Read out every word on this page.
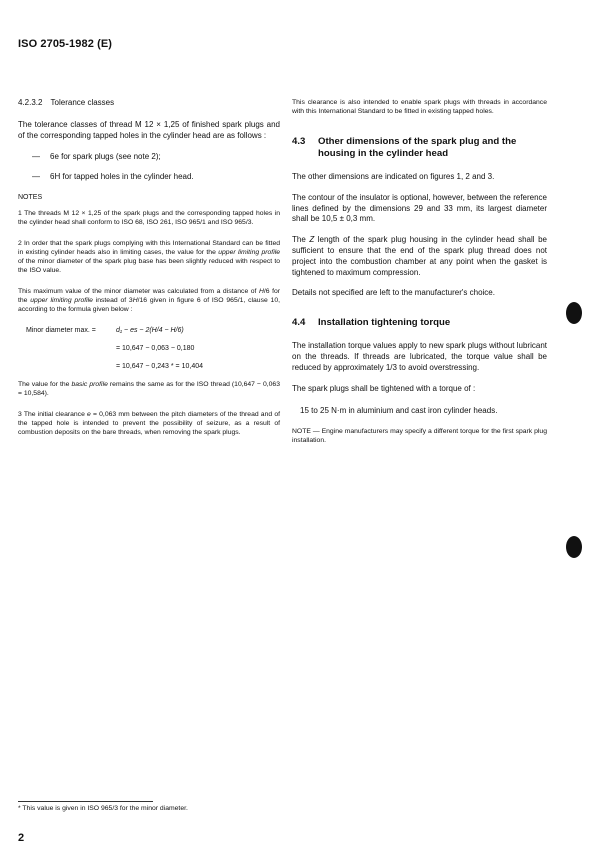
ISO 2705-1982 (E)
4.2.3.2 Tolerance classes

The tolerance classes of thread M 12 × 1,25 of finished spark plugs and of the corresponding tapped holes in the cylinder head are as follows :

—	6e for spark plugs (see note 2);
—	6H for tapped holes in the cylinder head.
NOTES

1 The threads M 12 × 1,25 of the spark plugs and the corresponding tapped holes in the cylinder head shall conform to ISO 68, ISO 261, ISO 965/1 and ISO 965/3.

2 In order that the spark plugs complying with this International Standard can be fitted in existing cylinder heads also in limiting cases, the value for the upper limiting profile of the minor diameter of the spark plug base has been slightly reduced with respect to the ISO value.

This maximum value of the minor diameter was calculated from a distance of H/6 for the upper limiting profile instead of 3H/16 given in figure 6 of ISO 965/1, clause 10, according to the formula given below :

Minor diameter max. =	d₁ − es − 2(H/4 − H/6)
= 10,647 − 0,063 − 0,180
= 10,647 − 0,243 * = 10,404

The value for the basic profile remains the same as for the ISO thread (10,647 − 0,063 = 10,584).

3 The initial clearance e = 0,063 mm between the pitch diameters of the thread and of the tapped hole is intended to prevent the possibility of seizure, as a result of combustion deposits on the bare threads, when removing the spark plugs.

This clearance is also intended to enable spark plugs with threads in accordance with this International Standard to be fitted in existing tapped holes.

4.3	Other dimensions of the spark plug and the housing in the cylinder head

The other dimensions are indicated on figures 1, 2 and 3.

The contour of the insulator is optional, however, between the reference lines defined by the dimensions 29 and 33 mm, its largest diameter shall be 10,5 ± 0,3 mm.

The Z length of the spark plug housing in the cylinder head shall be sufficient to ensure that the end of the spark plug thread does not project into the combustion chamber at any point when the gasket is tightened to maximum compression.

Details not specified are left to the manufacturer's choice.

4.4	Installation tightening torque

The installation torque values apply to new spark plugs without lubricant on the threads. If threads are lubricated, the torque value shall be reduced by approximately 1/3 to avoid overstressing.

The spark plugs shall be tightened with a torque of :

15 to 25 N·m in aluminium and cast iron cylinder heads.

NOTE — Engine manufacturers may specify a different torque for the first spark plug installation.

* This value is given in ISO 965/3 for the minor diameter.
2
